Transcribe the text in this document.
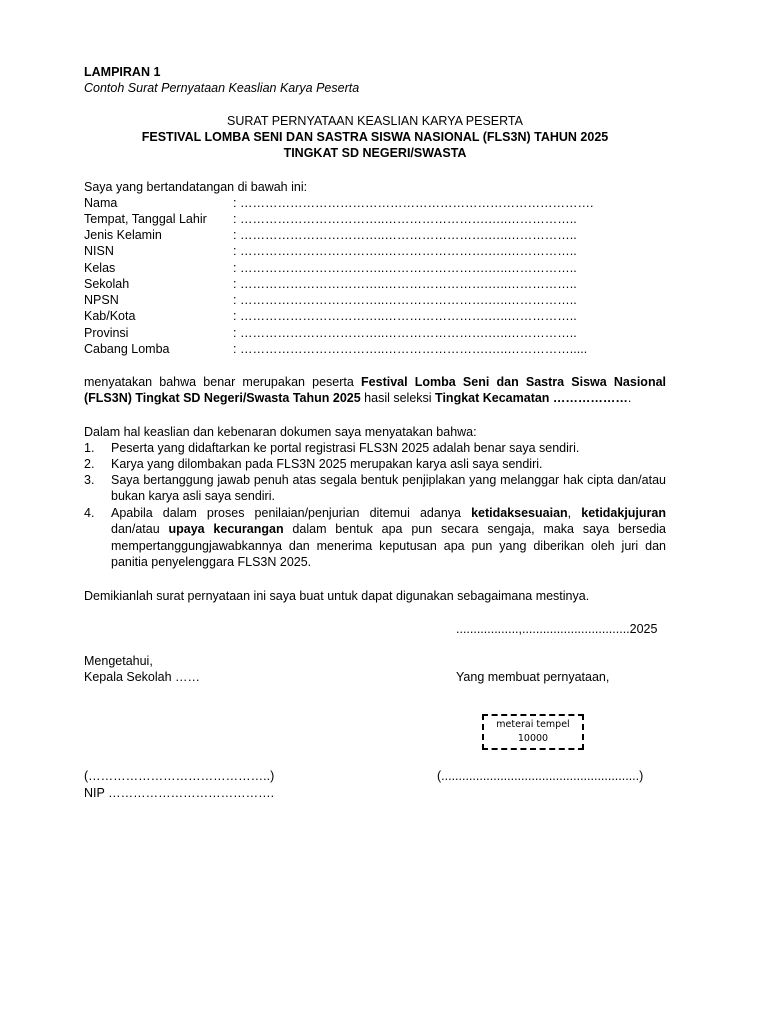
LAMPIRAN 1
Contoh Surat Pernyataan Keaslian Karya Peserta
SURAT PERNYATAAN KEASLIAN KARYA PESERTA
FESTIVAL LOMBA SENI DAN SASTRA SISWA NASIONAL (FLS3N) TAHUN 2025
TINGKAT SD NEGERI/SWASTA
Saya yang bertandatangan di bawah ini:
Nama	: ………………………………………………………………………….
Tempat, Tanggal Lahir : ……………………………..…………………….…..……………..
Jenis Kelamin	: ……………………………..…………………….…..……………..
NISN	: ……………………………..…………………….…..……………..
Kelas	: ……………………………..…………………….…..……………..
Sekolah	: ……………………………..…………………….…..……………..
NPSN	: ……………………………..…………………….…..……………..
Kab/Kota	: ……………………………..…………………….…..……………..
Provinsi	: ……………………………..…………………….…..……………..
Cabang Lomba	: ……………………………..…………………….…..…………….....
menyatakan bahwa benar merupakan peserta Festival Lomba Seni dan Sastra Siswa Nasional (FLS3N) Tingkat SD Negeri/Swasta Tahun 2025 hasil seleksi Tingkat Kecamatan ……………….
Dalam hal keaslian dan kebenaran dokumen saya menyatakan bahwa:
1. Peserta yang didaftarkan ke portal registrasi FLS3N 2025 adalah benar saya sendiri.
2. Karya yang dilombakan pada FLS3N 2025 merupakan karya asli saya sendiri.
3. Saya bertanggung jawab penuh atas segala bentuk penjiplakan yang melanggar hak cipta dan/atau bukan karya asli saya sendiri.
4. Apabila dalam proses penilaian/penjurian ditemui adanya ketidaksesuaian, ketidakjujuran dan/atau upaya kecurangan dalam bentuk apa pun secara sengaja, maka saya bersedia mempertanggungjawabkannya dan menerima keputusan apa pun yang diberikan oleh juri dan panitia penyelenggara FLS3N 2025.
Demikianlah surat pernyataan ini saya buat untuk dapat digunakan sebagaimana mestinya.
..................,...............................2025
Mengetahui,
Kepala Sekolah ……
(……………………………………..)
NIP ………………………………….
Yang membuat pernyataan,
meterai tempel
10000
(.........................................................)
